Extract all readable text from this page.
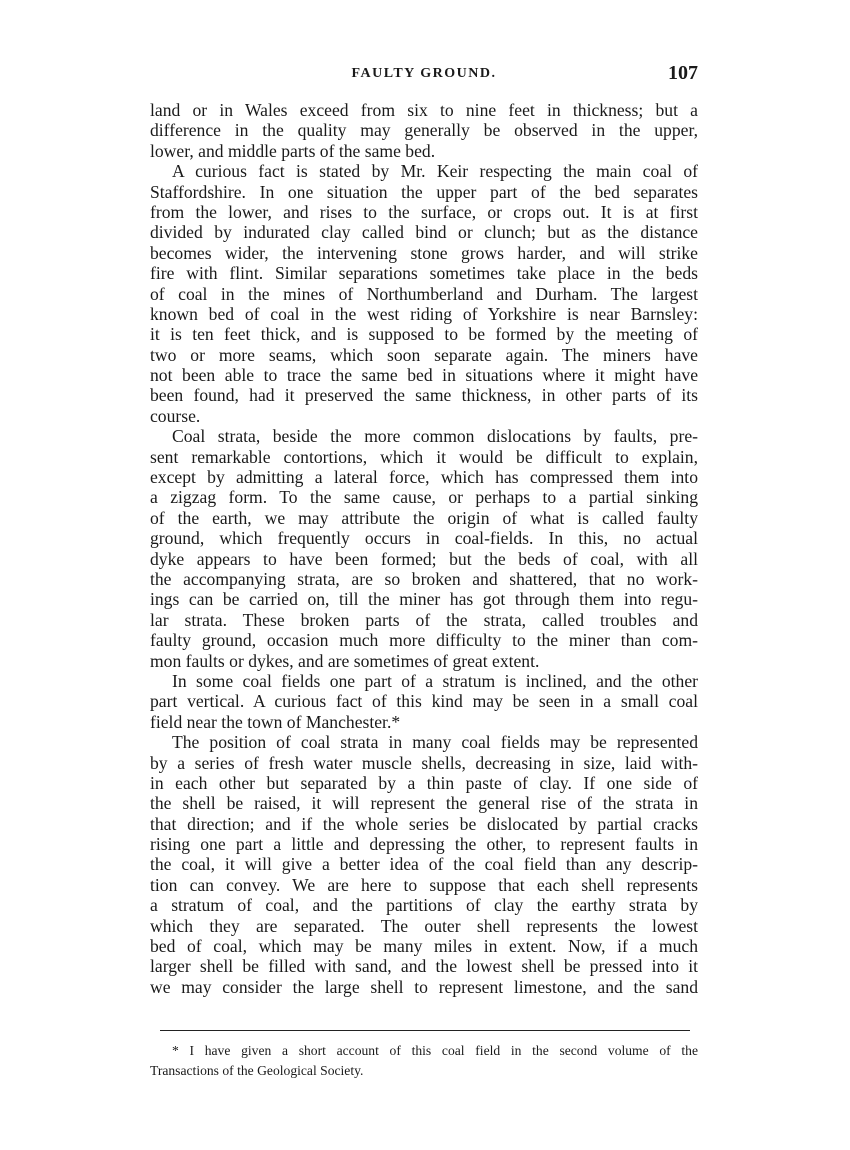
FAULTY GROUND.	107
land or in Wales exceed from six to nine feet in thickness; but a
difference in the quality may generally be observed in the upper,
lower, and middle parts of the same bed.
A curious fact is stated by Mr. Keir respecting the main coal of
Staffordshire. In one situation the upper part of the bed separates
from the lower, and rises to the surface, or crops out. It is at first
divided by indurated clay called bind or clunch; but as the distance
becomes wider, the intervening stone grows harder, and will strike
fire with flint. Similar separations sometimes take place in the beds
of coal in the mines of Northumberland and Durham. The largest
known bed of coal in the west riding of Yorkshire is near Barnsley:
it is ten feet thick, and is supposed to be formed by the meeting of
two or more seams, which soon separate again. The miners have
not been able to trace the same bed in situations where it might have
been found, had it preserved the same thickness, in other parts of its
course.
Coal strata, beside the more common dislocations by faults, pre-
sent remarkable contortions, which it would be difficult to explain,
except by admitting a lateral force, which has compressed them into
a zigzag form. To the same cause, or perhaps to a partial sinking
of the earth, we may attribute the origin of what is called faulty
ground, which frequently occurs in coal-fields. In this, no actual
dyke appears to have been formed; but the beds of coal, with all
the accompanying strata, are so broken and shattered, that no work-
ings can be carried on, till the miner has got through them into regu-
lar strata. These broken parts of the strata, called troubles and
faulty ground, occasion much more difficulty to the miner than com-
mon faults or dykes, and are sometimes of great extent.
In some coal fields one part of a stratum is inclined, and the other
part vertical. A curious fact of this kind may be seen in a small coal
field near the town of Manchester.*
The position of coal strata in many coal fields may be represented
by a series of fresh water muscle shells, decreasing in size, laid with-
in each other but separated by a thin paste of clay. If one side of
the shell be raised, it will represent the general rise of the strata in
that direction; and if the whole series be dislocated by partial cracks
rising one part a little and depressing the other, to represent faults in
the coal, it will give a better idea of the coal field than any descrip-
tion can convey. We are here to suppose that each shell represents
a stratum of coal, and the partitions of clay the earthy strata by
which they are separated. The outer shell represents the lowest
bed of coal, which may be many miles in extent. Now, if a much
larger shell be filled with sand, and the lowest shell be pressed into it
we may consider the large shell to represent limestone, and the sand
* I have given a short account of this coal field in the second volume of the
Transactions of the Geological Society.
